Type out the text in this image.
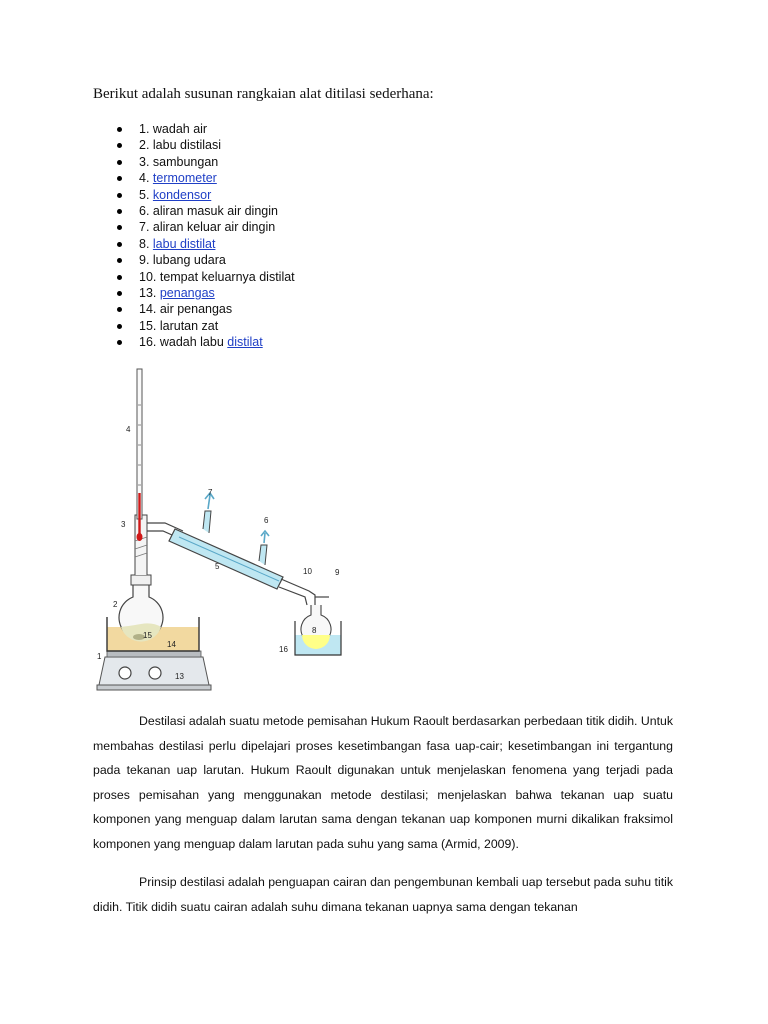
Berikut adalah susunan rangkaian alat ditilasi sederhana:

1. wadah air
2. labu distilasi
3. sambungan
4. termometer
5. kondensor
6. aliran masuk air dingin
7. aliran keluar air dingin
8. labu distilat
9. lubang udara
10. tempat keluarnya distilat
13. penangas
14. air penangas
15. larutan zat
16. wadah labu distilat
1
2
3
4
5
6
7
8
9
10
13
14
15
16

Destilasi adalah suatu metode pemisahan Hukum Raoult berdasarkan perbedaan titik didih. Untuk membahas destilasi perlu dipelajari proses kesetimbangan fasa uap-cair; kesetimbangan ini tergantung pada tekanan uap larutan. Hukum Raoult digunakan untuk menjelaskan fenomena yang terjadi pada proses pemisahan yang menggunakan metode destilasi; menjelaskan bahwa tekanan uap suatu komponen yang menguap dalam larutan sama dengan tekanan uap komponen murni dikalikan fraksimol komponen yang menguap dalam larutan pada suhu yang sama (Armid, 2009).

Prinsip destilasi adalah penguapan cairan dan pengembunan kembali uap tersebut pada suhu titik didih. Titik didih suatu cairan adalah suhu dimana tekanan uapnya sama dengan tekanan
